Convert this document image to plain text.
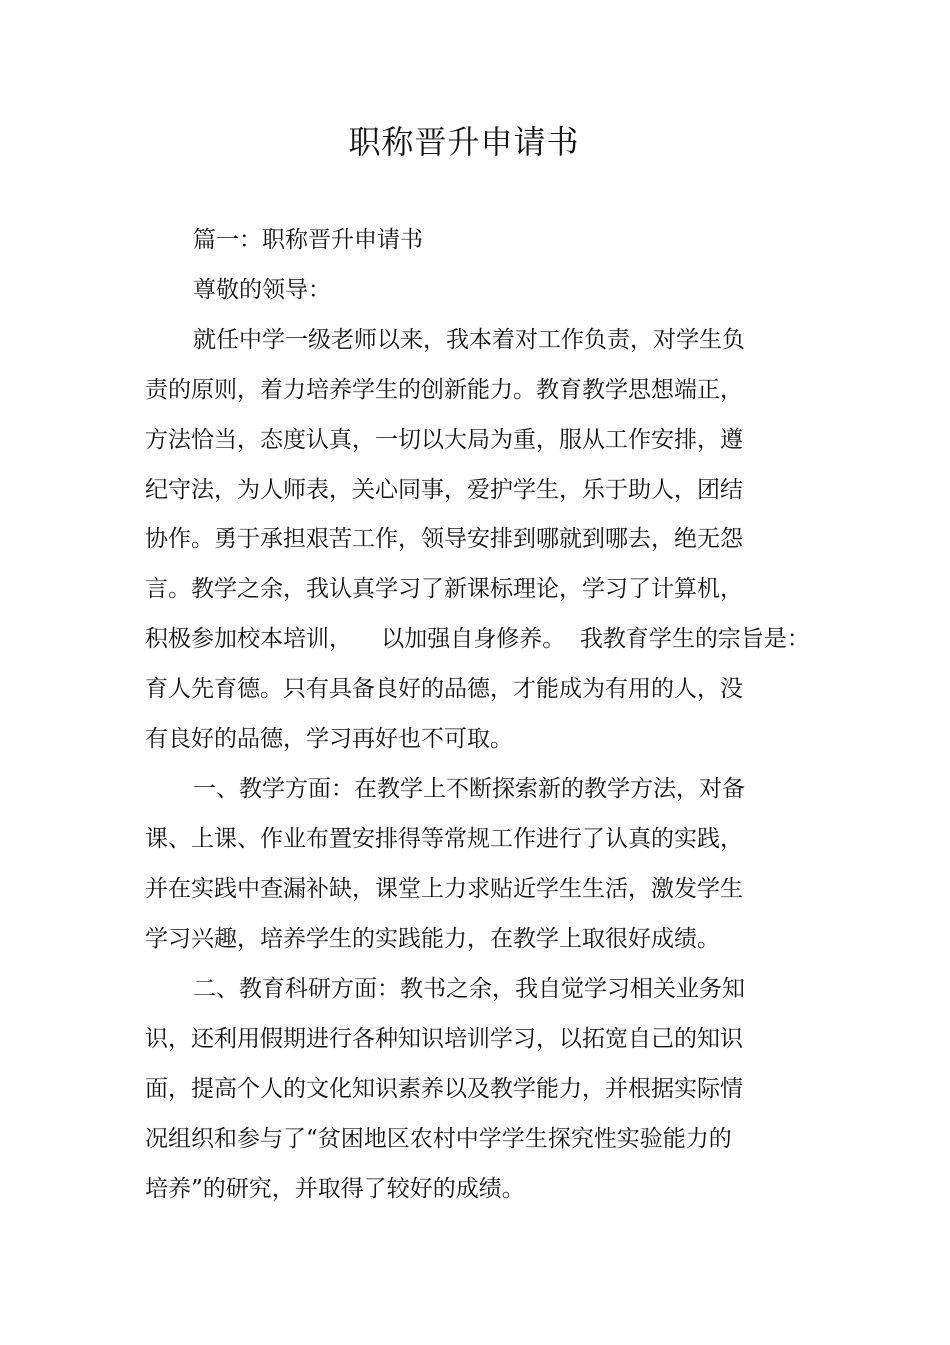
职称晋升申请书
篇一：职称晋升申请书
尊敬的领导：
就任中学一级老师以来，我本着对工作负责，对学生负
责的原则，着力培养学生的创新能力。教育教学思想端正，
方法恰当，态度认真，一切以大局为重，服从工作安排，遵
纪守法，为人师表，关心同事，爱护学生，乐于助人，团结
协作。勇于承担艰苦工作，领导安排到哪就到哪去，绝无怨
言。教学之余，我认真学习了新课标理论，学习了计算机，
积极参加校本培训，    以加强自身修养。  我教育学生的宗旨是：
育人先育德。只有具备良好的品德，才能成为有用的人，没
有良好的品德，学习再好也不可取。
一、教学方面：在教学上不断探索新的教学方法，对备
课、上课、作业布置安排得等常规工作进行了认真的实践，
并在实践中查漏补缺，课堂上力求贴近学生生活，激发学生
学习兴趣，培养学生的实践能力，在教学上取很好成绩。
二、教育科研方面：教书之余，我自觉学习相关业务知
识，还利用假期进行各种知识培训学习，以拓宽自己的知识
面，提高个人的文化知识素养以及教学能力，并根据实际情
况组织和参与了“贫困地区农村中学学生探究性实验能力的
培养”的研究，并取得了较好的成绩。
